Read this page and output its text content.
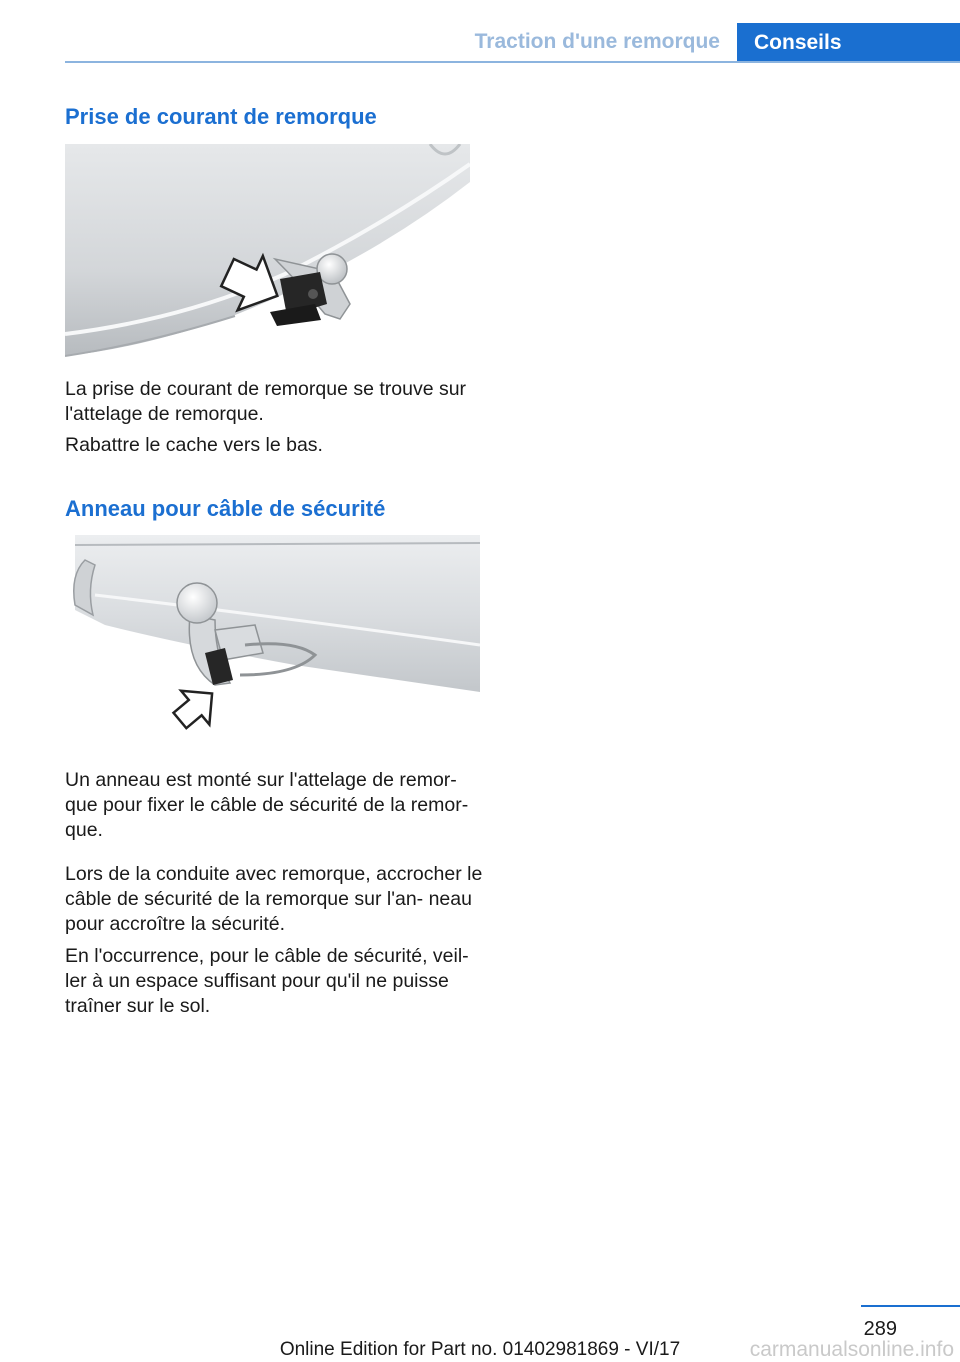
Traction d'une remorque	Conseils
Prise de courant de remorque

La prise de courant de remorque se trouve sur l'attelage de remorque.

Rabattre le cache vers le bas.

Anneau pour câble de sécurité

Un anneau est monté sur l'attelage de remor‐ que pour fixer le câble de sécurité de la remor‐ que.

Lors de la conduite avec remorque, accrocher le câble de sécurité de la remorque sur l'an‐ neau pour accroître la sécurité.

En l'occurrence, pour le câble de sécurité, veil‐ ler à un espace suffisant pour qu'il ne puisse traîner sur le sol.

289
Online Edition for Part no. 01402981869 - VI/17	carmanualsonline.info
